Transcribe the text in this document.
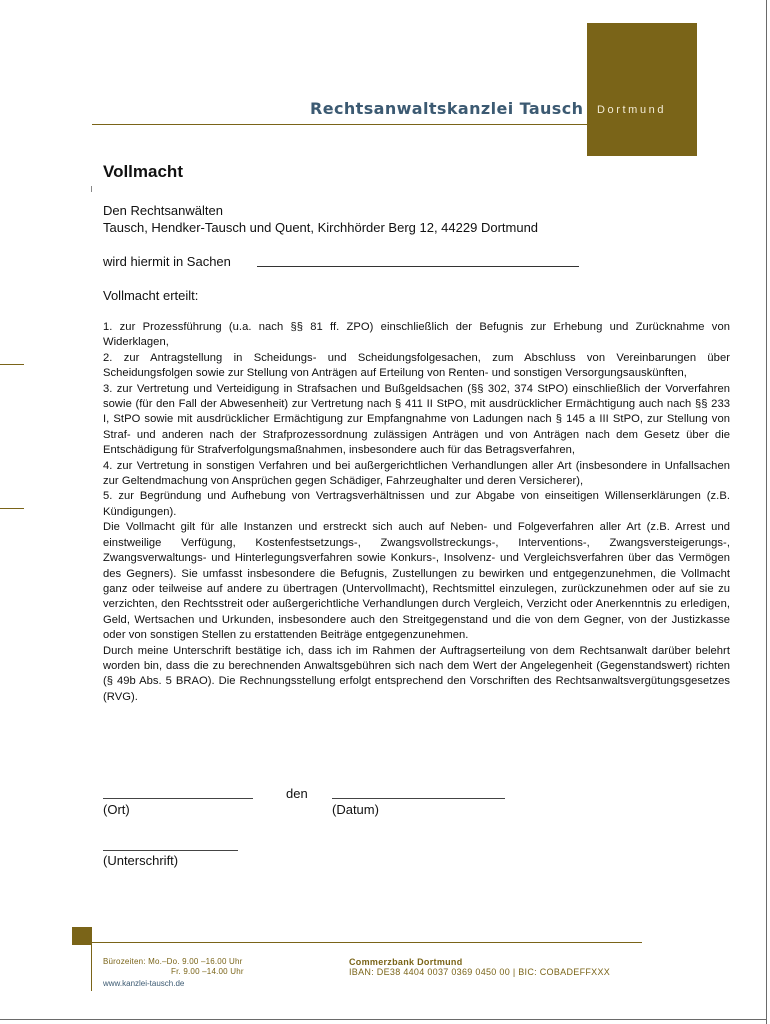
Dortmund
Rechtsanwaltskanzlei Tausch
Vollmacht
Den Rechtsanwälten
Tausch, Hendker-Tausch und Quent, Kirchhörder Berg 12, 44229 Dortmund
wird hiermit in Sachen
Vollmacht erteilt:

1. zur Prozessführung (u.a. nach §§ 81 ff. ZPO) einschließlich der Befugnis zur Erhebung und Zurücknahme von Widerklagen,

2. zur Antragstellung in Scheidungs- und Scheidungsfolgesachen, zum Abschluss von Vereinbarungen über Scheidungsfolgen sowie zur Stellung von Anträgen auf Erteilung von Renten- und sonstigen Versorgungsauskünften,

3. zur Vertretung und Verteidigung in Strafsachen und Bußgeldsachen (§§ 302, 374 StPO) einschließlich der Vorverfahren sowie (für den Fall der Abwesenheit) zur Vertretung nach § 411 II StPO, mit ausdrücklicher Ermächtigung auch nach §§ 233 I, StPO sowie mit ausdrücklicher Ermächtigung zur Empfangnahme von Ladungen nach § 145 a III StPO, zur Stellung von Straf- und anderen nach der Strafprozessordnung zulässigen Anträgen und von Anträgen nach dem Gesetz über die Entschädigung für Strafverfolgungsmaßnahmen, insbesondere auch für das Betragsverfahren,

4. zur Vertretung in sonstigen Verfahren und bei außergerichtlichen Verhandlungen aller Art (insbesondere in Unfallsachen zur Geltendmachung von Ansprüchen gegen Schädiger, Fahrzeughalter und deren Versicherer),

5. zur Begründung und Aufhebung von Vertragsverhältnissen und zur Abgabe von einseitigen Willenserklärungen (z.B. Kündigungen).

Die Vollmacht gilt für alle Instanzen und erstreckt sich auch auf Neben- und Folgeverfahren aller Art (z.B. Arrest und einstweilige Verfügung, Kostenfestsetzungs-, Zwangsvollstreckungs-, Interventions-, Zwangsversteigerungs-, Zwangsverwaltungs- und Hinterlegungsverfahren sowie Konkurs-, Insolvenz- und Vergleichsverfahren über das Vermögen des Gegners). Sie umfasst insbesondere die Befugnis, Zustellungen zu bewirken und entgegenzunehmen, die Vollmacht ganz oder teilweise auf andere zu übertragen (Untervollmacht), Rechtsmittel einzulegen, zurückzunehmen oder auf sie zu verzichten, den Rechtsstreit oder außergerichtliche Verhandlungen durch Vergleich, Verzicht oder Anerkenntnis zu erledigen, Geld, Wertsachen und Urkunden, insbesondere auch den Streitgegenstand und die von dem Gegner, von der Justizkasse oder von sonstigen Stellen zu erstattenden Beiträge entgegenzunehmen.

Durch meine Unterschrift bestätige ich, dass ich im Rahmen der Auftragserteilung von dem Rechtsanwalt darüber belehrt worden bin, dass die zu berechnenden Anwaltsgebühren sich nach dem Wert der Angelegenheit (Gegenstandswert) richten (§ 49b Abs. 5 BRAO). Die Rechnungsstellung erfolgt entsprechend den Vorschriften des Rechtsanwaltsvergütungsgesetzes (RVG).

den
(Ort)	(Datum)
(Unterschrift)
Bürozeiten: Mo.–Do. 9.00 –16.00 Uhr
Fr. 9.00 –14.00 Uhr
www.kanzlei-tausch.de
Commerzbank Dortmund
IBAN: DE38 4404 0037 0369 0450 00 | BIC: COBADEFFXXX
